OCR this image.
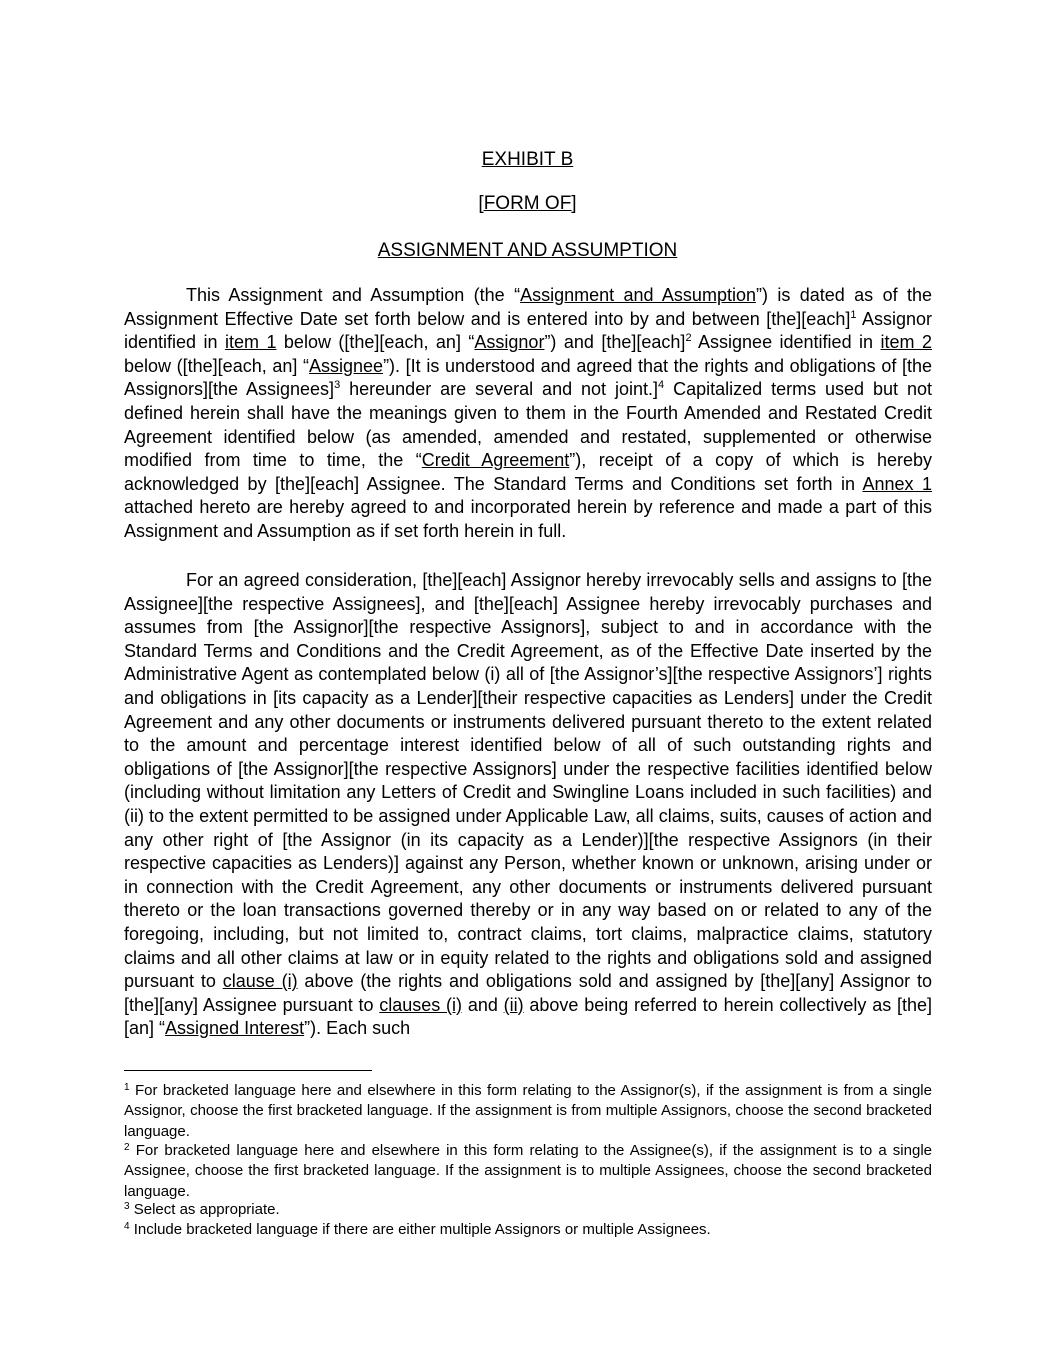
EXHIBIT B
[FORM OF]
ASSIGNMENT AND ASSUMPTION

This Assignment and Assumption (the “Assignment and Assumption”) is dated as of the Assignment Effective Date set forth below and is entered into by and between [the][each]$^1$ Assignor identified in item 1 below ([the][each, an] “Assignor”) and [the][each]$^2$ Assignee identified in item 2 below ([the][each, an] “Assignee”). [It is understood and agreed that the rights and obligations of [the Assignors][the Assignees]$^3$ hereunder are several and not joint.]$^4$ Capitalized terms used but not defined herein shall have the meanings given to them in the Fourth Amended and Restated Credit Agreement identified below (as amended, amended and restated, supplemented or otherwise modified from time to time, the “Credit Agreement”), receipt of a copy of which is hereby acknowledged by [the][each] Assignee. The Standard Terms and Conditions set forth in Annex 1 attached hereto are hereby agreed to and incorporated herein by reference and made a part of this Assignment and Assumption as if set forth herein in full.

For an agreed consideration, [the][each] Assignor hereby irrevocably sells and assigns to [the Assignee][the respective Assignees], and [the][each] Assignee hereby irrevocably purchases and assumes from [the Assignor][the respective Assignors], subject to and in accordance with the Standard Terms and Conditions and the Credit Agreement, as of the Effective Date inserted by the Administrative Agent as contemplated below (i) all of [the Assignor’s][the respective Assignors’] rights and obligations in [its capacity as a Lender][their respective capacities as Lenders] under the Credit Agreement and any other documents or instruments delivered pursuant thereto to the extent related to the amount and percentage interest identified below of all of such outstanding rights and obligations of [the Assignor][the respective Assignors] under the respective facilities identified below (including without limitation any Letters of Credit and Swingline Loans included in such facilities) and (ii) to the extent permitted to be assigned under Applicable Law, all claims, suits, causes of action and any other right of [the Assignor (in its capacity as a Lender)][the respective Assignors (in their respective capacities as Lenders)] against any Person, whether known or unknown, arising under or in connection with the Credit Agreement, any other documents or instruments delivered pursuant thereto or the loan transactions governed thereby or in any way based on or related to any of the foregoing, including, but not limited to, contract claims, tort claims, malpractice claims, statutory claims and all other claims at law or in equity related to the rights and obligations sold and assigned pursuant to clause (i) above (the rights and obligations sold and assigned by [the][any] Assignor to [the][any] Assignee pursuant to clauses (i) and (ii) above being referred to herein collectively as [the][an] “Assigned Interest”). Each such

$^1$ For bracketed language here and elsewhere in this form relating to the Assignor(s), if the assignment is from a single Assignor, choose the first bracketed language. If the assignment is from multiple Assignors, choose the second bracketed language.

$^2$ For bracketed language here and elsewhere in this form relating to the Assignee(s), if the assignment is to a single Assignee, choose the first bracketed language. If the assignment is to multiple Assignees, choose the second bracketed language.

$^3$ Select as appropriate.

$^4$ Include bracketed language if there are either multiple Assignors or multiple Assignees.
